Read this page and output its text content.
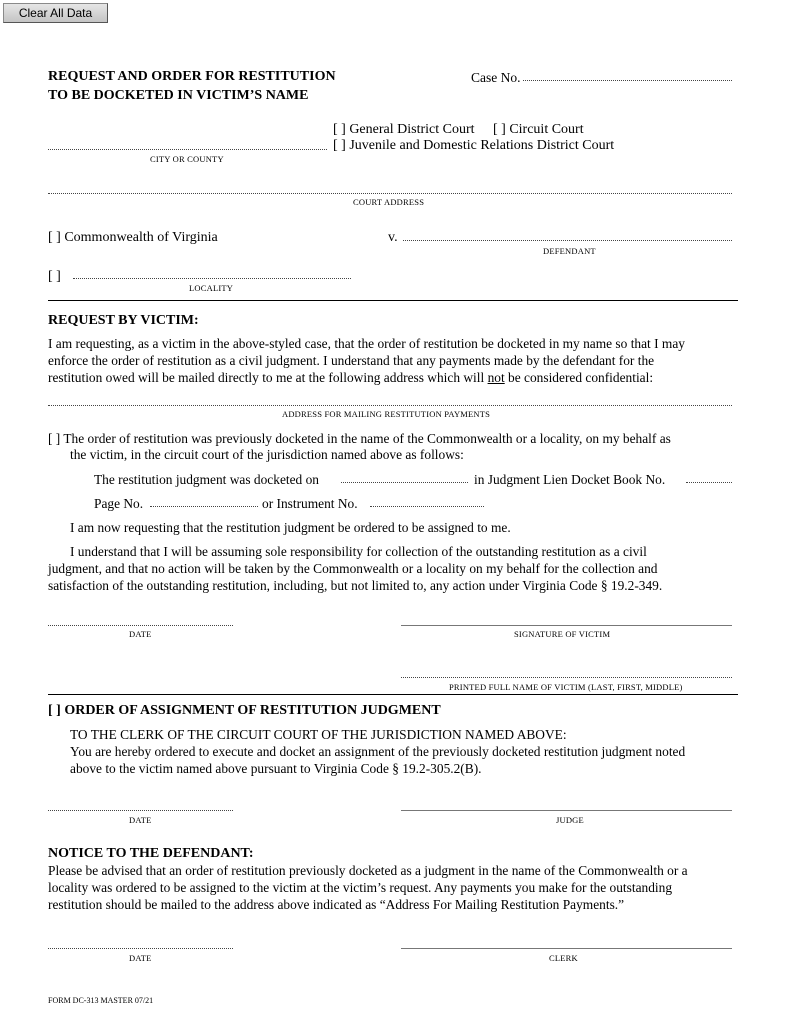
Clear All Data
REQUEST AND ORDER FOR RESTITUTION
TO BE DOCKETED IN VICTIM’S NAME
Case No.
[ ] General District Court [ ] Circuit Court
[ ] Juvenile and Domestic Relations District Court
CITY OR COUNTY
COURT ADDRESS
[ ] Commonwealth of Virginia	v.
DEFENDANT
[ ]
LOCALITY
REQUEST BY VICTIM:
I am requesting, as a victim in the above-styled case, that the order of restitution be docketed in my name so that I may
enforce the order of restitution as a civil judgment. I understand that any payments made by the defendant for the
restitution owed will be mailed directly to me at the following address which will not be considered confidential:
ADDRESS FOR MAILING RESTITUTION PAYMENTS
[ ] The order of restitution was previously docketed in the name of the Commonwealth or a locality, on my behalf as
the victim, in the circuit court of the jurisdiction named above as follows:
The restitution judgment was docketed on	in Judgment Lien Docket Book No.
Page No.	or Instrument No.
I am now requesting that the restitution judgment be ordered to be assigned to me.
I understand that I will be assuming sole responsibility for collection of the outstanding restitution as a civil
judgment, and that no action will be taken by the Commonwealth or a locality on my behalf for the collection and
satisfaction of the outstanding restitution, including, but not limited to, any action under Virginia Code § 19.2-349.
DATE	SIGNATURE OF VICTIM
PRINTED FULL NAME OF VICTIM (LAST, FIRST, MIDDLE)
[ ] ORDER OF ASSIGNMENT OF RESTITUTION JUDGMENT
TO THE CLERK OF THE CIRCUIT COURT OF THE JURISDICTION NAMED ABOVE:
You are hereby ordered to execute and docket an assignment of the previously docketed restitution judgment noted
above to the victim named above pursuant to Virginia Code § 19.2-305.2(B).
DATE	JUDGE
NOTICE TO THE DEFENDANT:
Please be advised that an order of restitution previously docketed as a judgment in the name of the Commonwealth or a
locality was ordered to be assigned to the victim at the victim’s request. Any payments you make for the outstanding
restitution should be mailed to the address above indicated as “Address For Mailing Restitution Payments.”
DATE	CLERK
FORM DC-313 MASTER 07/21
